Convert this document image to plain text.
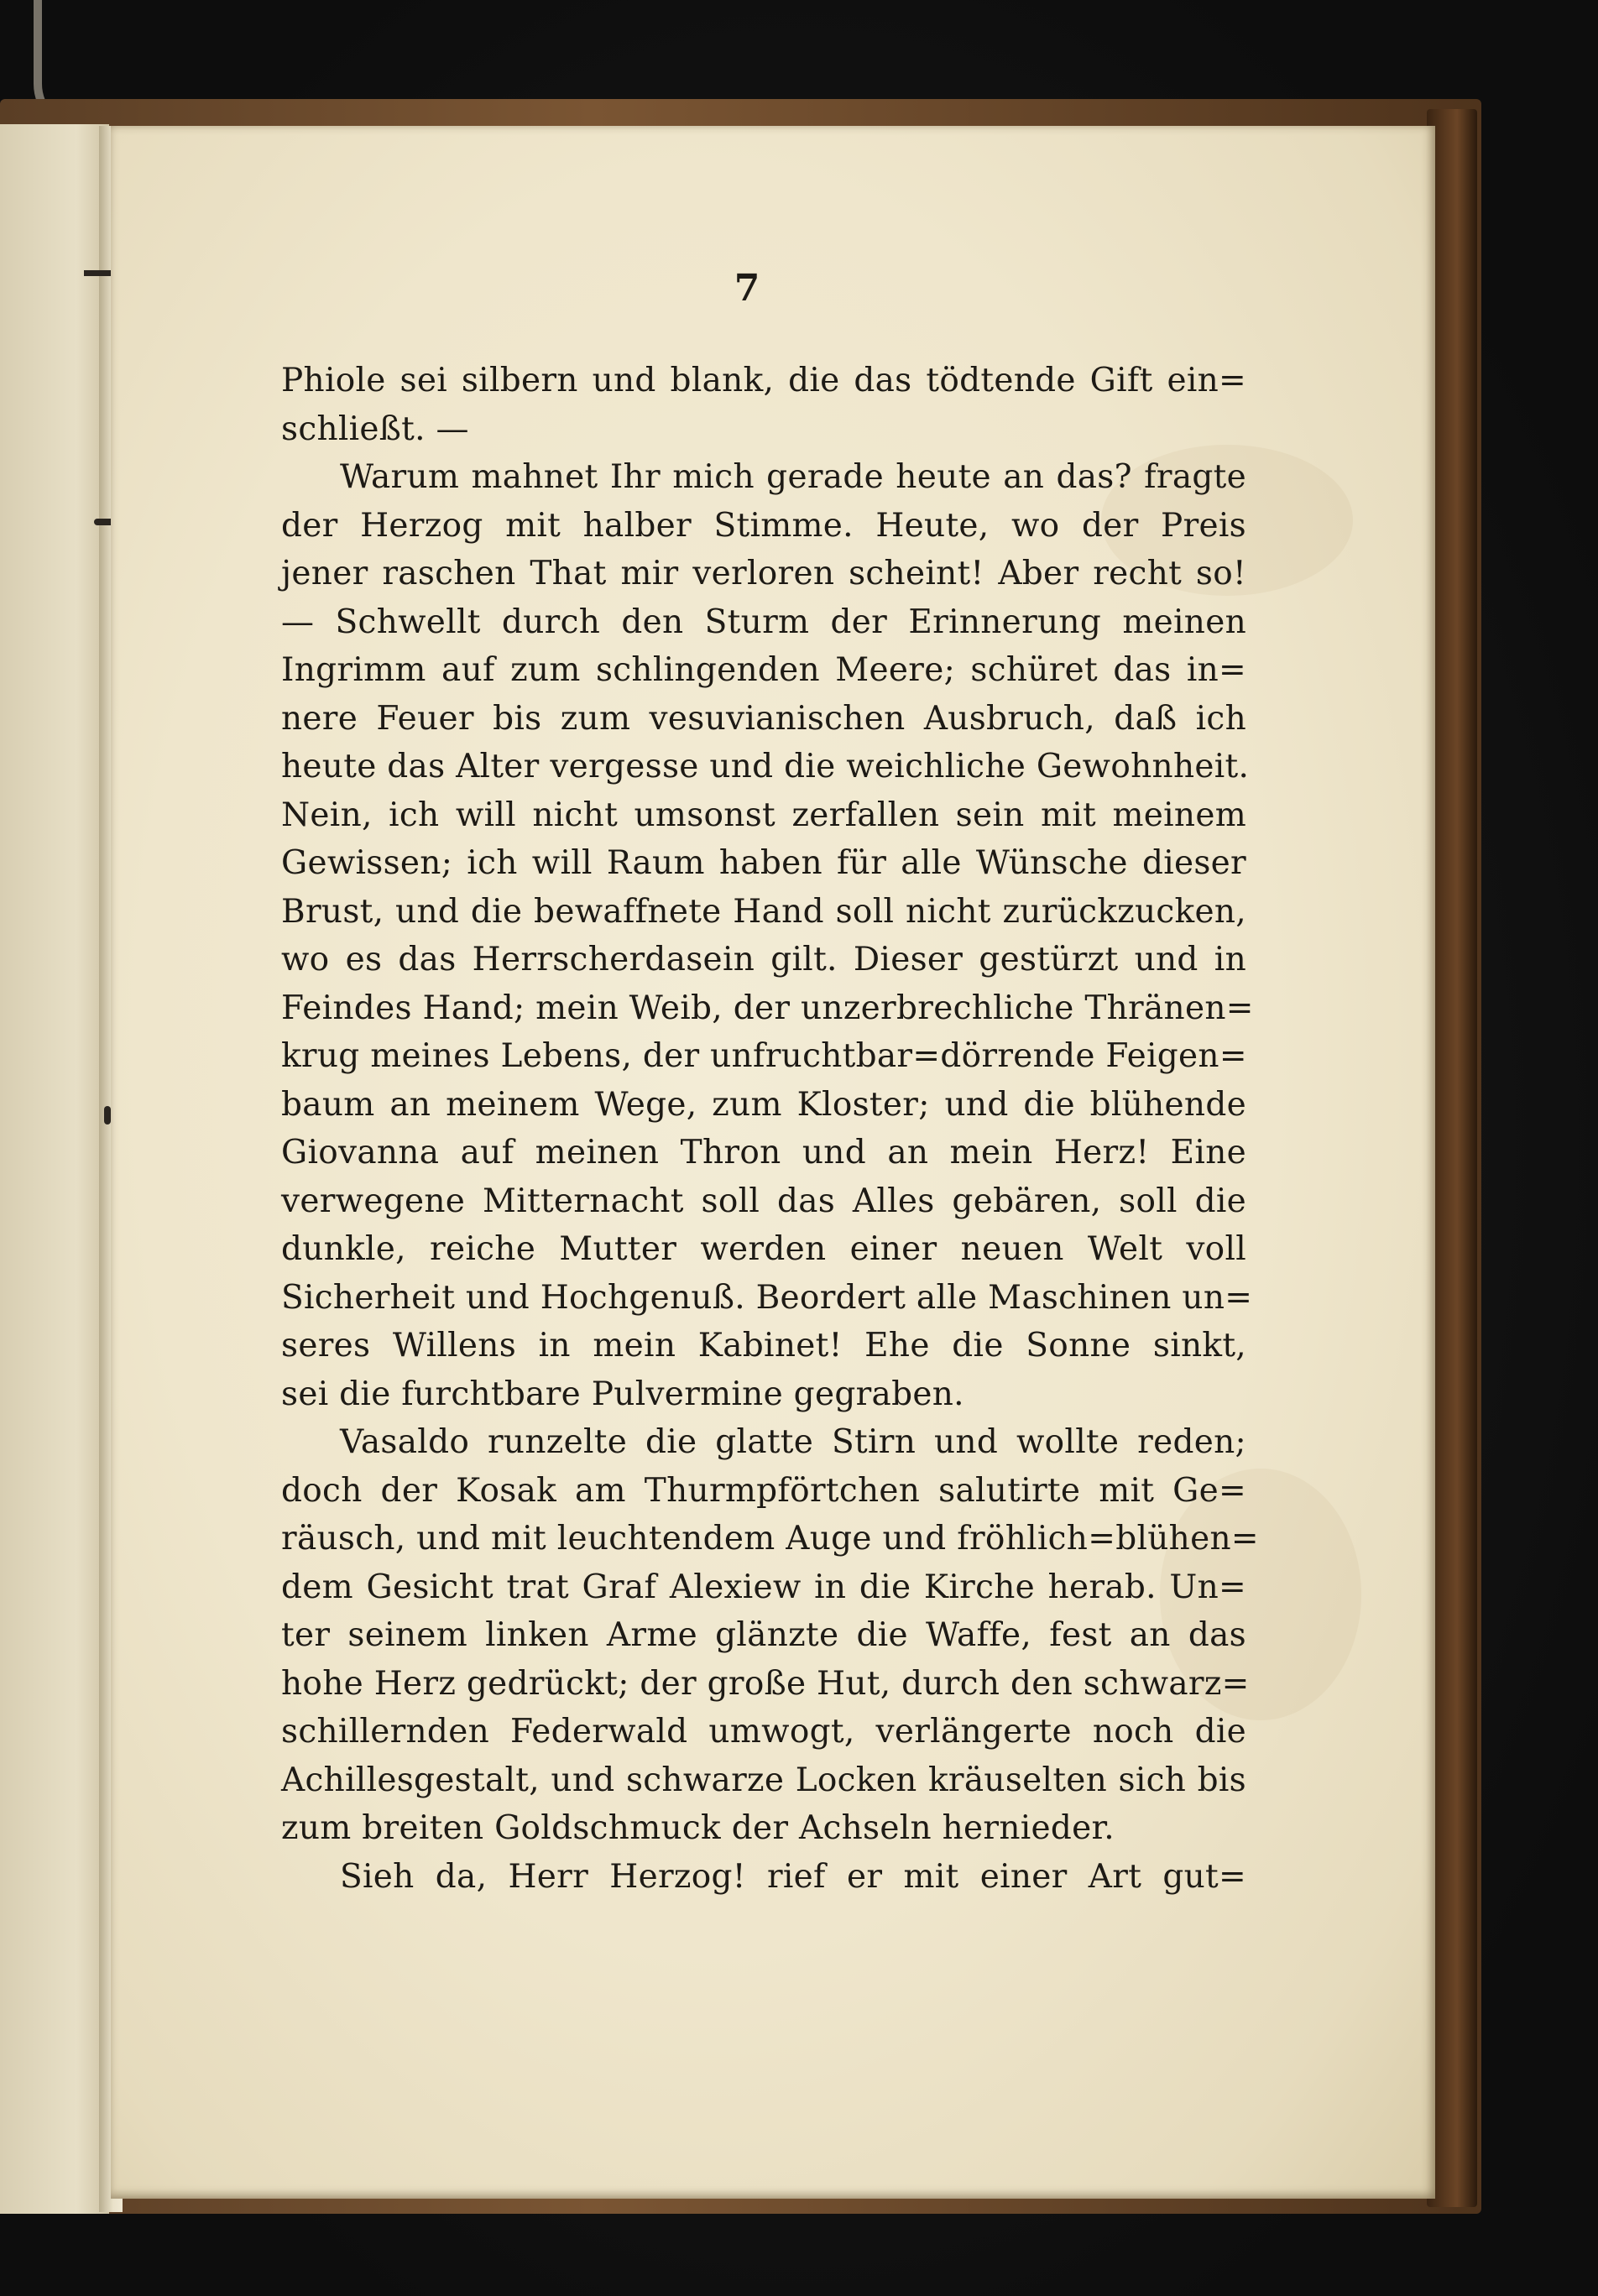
7
Phiole sei silbern und blank, die das tödtende Gift ein=
schließt. —
Warum mahnet Ihr mich gerade heute an das? fragte
der Herzog mit halber Stimme. Heute, wo der Preis
jener raschen That mir verloren scheint! Aber recht so!
— Schwellt durch den Sturm der Erinnerung meinen
Ingrimm auf zum schlingenden Meere; schüret das in=
nere Feuer bis zum vesuvianischen Ausbruch, daß ich
heute das Alter vergesse und die weichliche Gewohnheit.
Nein, ich will nicht umsonst zerfallen sein mit meinem
Gewissen; ich will Raum haben für alle Wünsche dieser
Brust, und die bewaffnete Hand soll nicht zurückzucken,
wo es das Herrscherdasein gilt. Dieser gestürzt und in
Feindes Hand; mein Weib, der unzerbrechliche Thränen=
krug meines Lebens, der unfruchtbar=dörrende Feigen=
baum an meinem Wege, zum Kloster; und die blühende
Giovanna auf meinen Thron und an mein Herz! Eine
verwegene Mitternacht soll das Alles gebären, soll die
dunkle, reiche Mutter werden einer neuen Welt voll
Sicherheit und Hochgenuß. Beordert alle Maschinen un=
seres Willens in mein Kabinet! Ehe die Sonne sinkt,
sei die furchtbare Pulvermine gegraben.
Vasaldo runzelte die glatte Stirn und wollte reden;
doch der Kosak am Thurmpförtchen salutirte mit Ge=
räusch, und mit leuchtendem Auge und fröhlich=blühen=
dem Gesicht trat Graf Alexiew in die Kirche herab. Un=
ter seinem linken Arme glänzte die Waffe, fest an das
hohe Herz gedrückt; der große Hut, durch den schwarz=
schillernden Federwald umwogt, verlängerte noch die
Achillesgestalt, und schwarze Locken kräuselten sich bis
zum breiten Goldschmuck der Achseln hernieder.
Sieh da, Herr Herzog! rief er mit einer Art gut=
